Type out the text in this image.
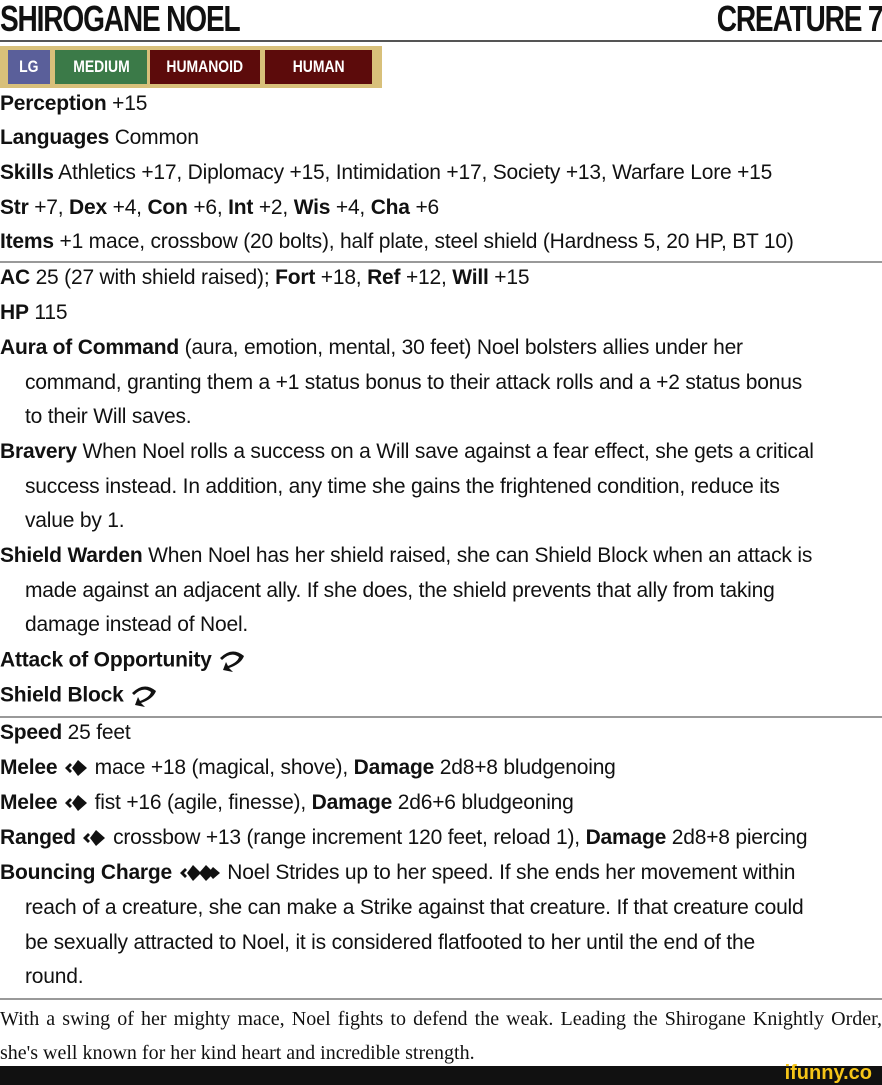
SHIROGANE NOEL	CREATURE 7
LG	MEDIUM	HUMANOID	HUMAN
Perception +15
Languages Common
Skills Athletics +17, Diplomacy +15, Intimidation +17, Society +13, Warfare Lore +15
Str +7, Dex +4, Con +6, Int +2, Wis +4, Cha +6
Items +1 mace, crossbow (20 bolts), half plate, steel shield (Hardness 5, 20 HP, BT 10)
AC 25 (27 with shield raised); Fort +18, Ref +12, Will +15
HP 115
Aura of Command (aura, emotion, mental, 30 feet) Noel bolsters allies under her
command, granting them a +1 status bonus to their attack rolls and a +2 status bonus
to their Will saves.
Bravery When Noel rolls a success on a Will save against a fear effect, she gets a critical
success instead. In addition, any time she gains the frightened condition, reduce its
value by 1.
Shield Warden When Noel has her shield raised, she can Shield Block when an attack is
made against an adjacent ally. If she does, the shield prevents that ally from taking
damage instead of Noel.
Attack of Opportunity
Shield Block
Speed 25 feet
Melee mace +18 (magical, shove), Damage 2d8+8 bludgenoing
Melee fist +16 (agile, finesse), Damage 2d6+6 bludgeoning
Ranged crossbow +13 (range increment 120 feet, reload 1), Damage 2d8+8 piercing
Bouncing Charge	Noel Strides up to her speed. If she ends her movement within
reach of a creature, she can make a Strike against that creature. If that creature could
be sexually attracted to Noel, it is considered flatfooted to her until the end of the
round.
With a swing of her mighty mace, Noel fights to defend the weak. Leading the Shirogane Knightly Order, she's well known for her kind heart and incredible strength.
ifunny.co
